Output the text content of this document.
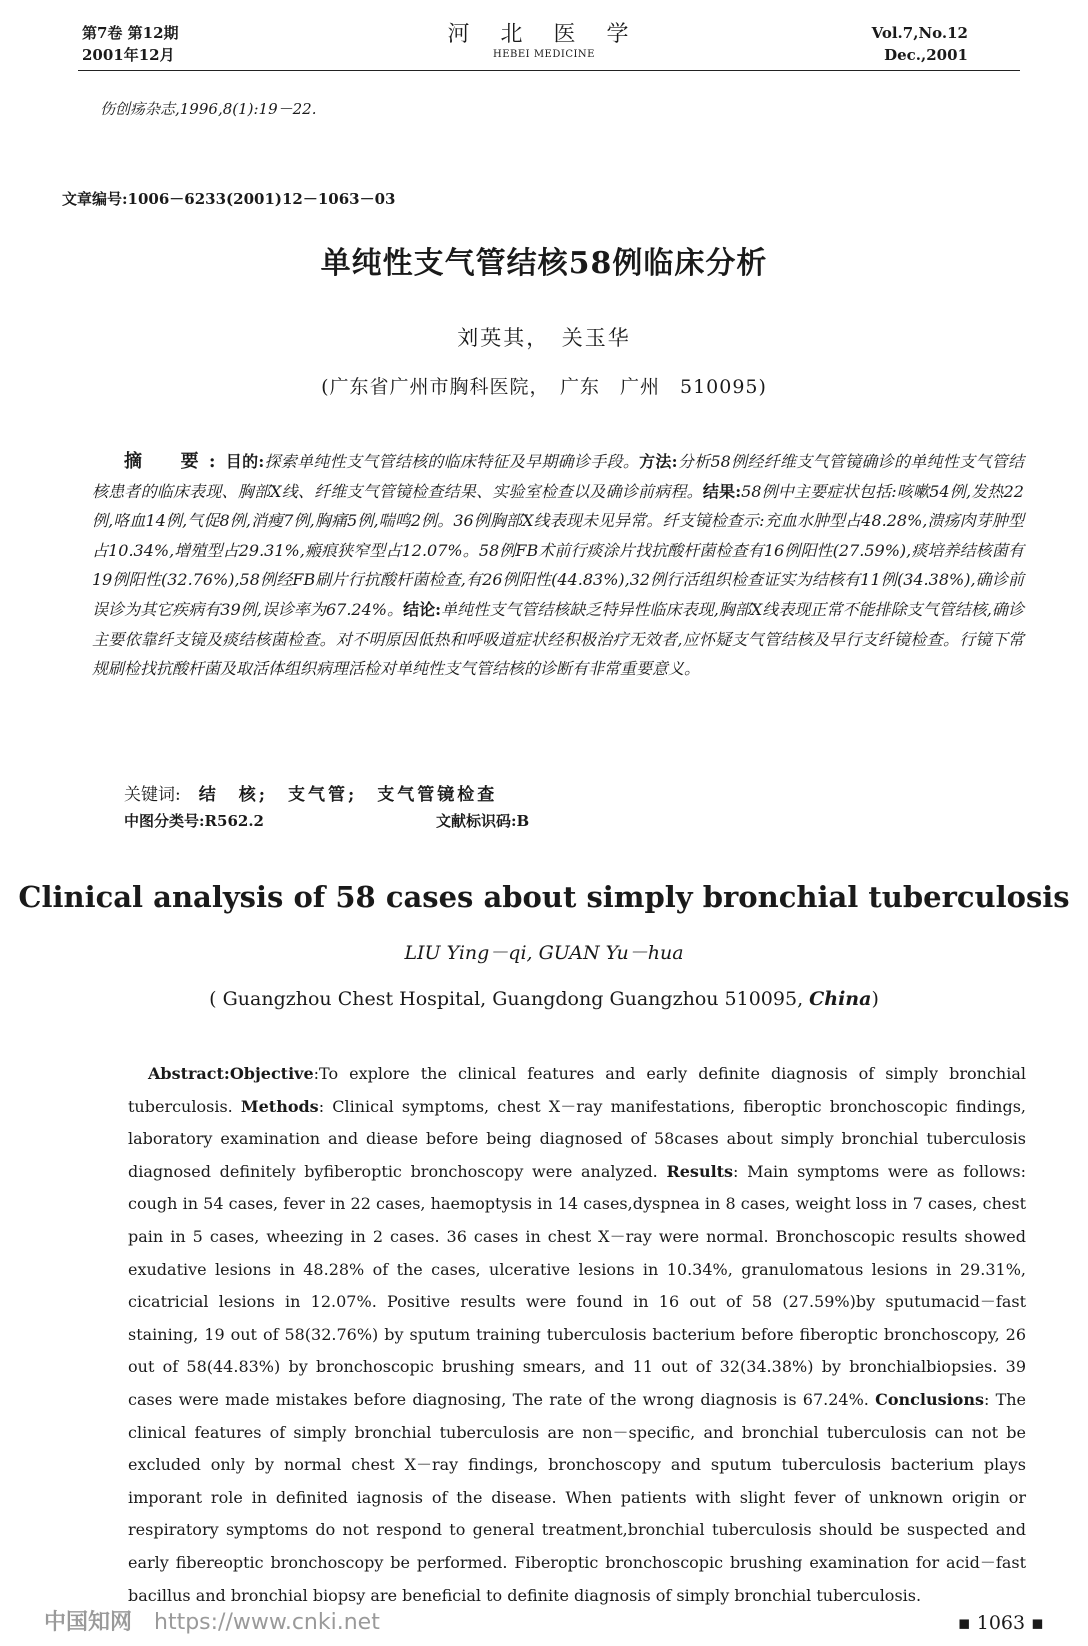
第7卷 第12期
2001年12月
河 北 医 学
HEBEI MEDICINE
Vol.7,No.12
Dec.,2001
伤创疡杂志,1996,8(1):19－22.
文章编号:1006－6233(2001)12－1063－03
单纯性支气管结核58例临床分析
刘英其，　关玉华
(广东省广州市胸科医院，　广东　广州　510095)
摘　要:目的:探索单纯性支气管结核的临床特征及早期确诊手段。方法:分析58例经纤维支气管镜确诊的单纯性支气管结核患者的临床表现、胸部X线、纤维支气管镜检查结果、实验室检查以及确诊前病程。结果:58例中主要症状包括:咳嗽54例,发热22例,咯血14例,气促8例,消瘦7例,胸痛5例,喘鸣2例。36例胸部X线表现未见异常。纤支镜检查示:充血水肿型占48.28%,溃疡肉芽肿型占10.34%,增殖型占29.31%,瘢痕狭窄型占12.07%。58例FB术前行痰涂片找抗酸杆菌检查有16例阳性(27.59%),痰培养结核菌有19例阳性(32.76%),58例经FB刷片行抗酸杆菌检查,有26例阳性(44.83%),32例行活组织检查证实为结核有11例(34.38%),确诊前误诊为其它疾病有39例,误诊率为67.24%。结论:单纯性支气管结核缺乏特异性临床表现,胸部X线表现正常不能排除支气管结核,确诊主要依靠纤支镜及痰结核菌检查。对不明原因低热和呼吸道症状经积极治疗无效者,应怀疑支气管结核及早行支纤镜检查。行镜下常规刷检找抗酸杆菌及取活体组织病理活检对单纯性支气管结核的诊断有非常重要意义。
关键词: 结　核;　支气管;　支气管镜检查
中图分类号:R562.2	文献标识码:B
Clinical analysis of 58 cases about simply bronchial tuberculosis
LIU Ying－qi, GUAN Yu－hua
( Guangzhou Chest Hospital, Guangdong Guangzhou 510095, China)
Abstract:Objective:To explore the clinical features and early definite diagnosis of simply bronchial tuberculosis. Methods: Clinical symptoms, chest X－ray manifestations, fiberoptic bronchoscopic findings, laboratory examination and diease before being diagnosed of 58cases about simply bronchial tuberculosis diagnosed definitely byfiberoptic bronchoscopy were analyzed. Results: Main symptoms were as follows: cough in 54 cases, fever in 22 cases, haemoptysis in 14 cases,dyspnea in 8 cases, weight loss in 7 cases, chest pain in 5 cases, wheezing in 2 cases. 36 cases in chest X－ray were normal. Bronchoscopic results showed exudative lesions in 48.28% of the cases, ulcerative lesions in 10.34%, granulomatous lesions in 29.31%, cicatricial lesions in 12.07%. Positive results were found in 16 out of 58 (27.59%)by sputumacid－fast staining, 19 out of 58(32.76%) by sputum training tuberculosis bacterium before fiberoptic bronchoscopy, 26 out of 58(44.83%) by bronchoscopic brushing smears, and 11 out of 32(34.38%) by bronchialbiopsies. 39 cases were made mistakes before diagnosing, The rate of the wrong diagnosis is 67.24%. Conclusions: The clinical features of simply bronchial tuberculosis are non－specific, and bronchial tuberculosis can not be excluded only by normal chest X－ray findings, bronchoscopy and sputum tuberculosis bacterium plays imporant role in definited iagnosis of the disease. When patients with slight fever of unknown origin or respiratory symptoms do not respond to general treatment,bronchial tuberculosis should be suspected and early fibereoptic bronchoscopy be performed. Fiberoptic bronchoscopic brushing examination for acid－fast bacillus and bronchial biopsy are beneficial to definite diagnosis of simply bronchial tuberculosis.
中国知网 https://www.cnki.net	▪ 1063 ▪
